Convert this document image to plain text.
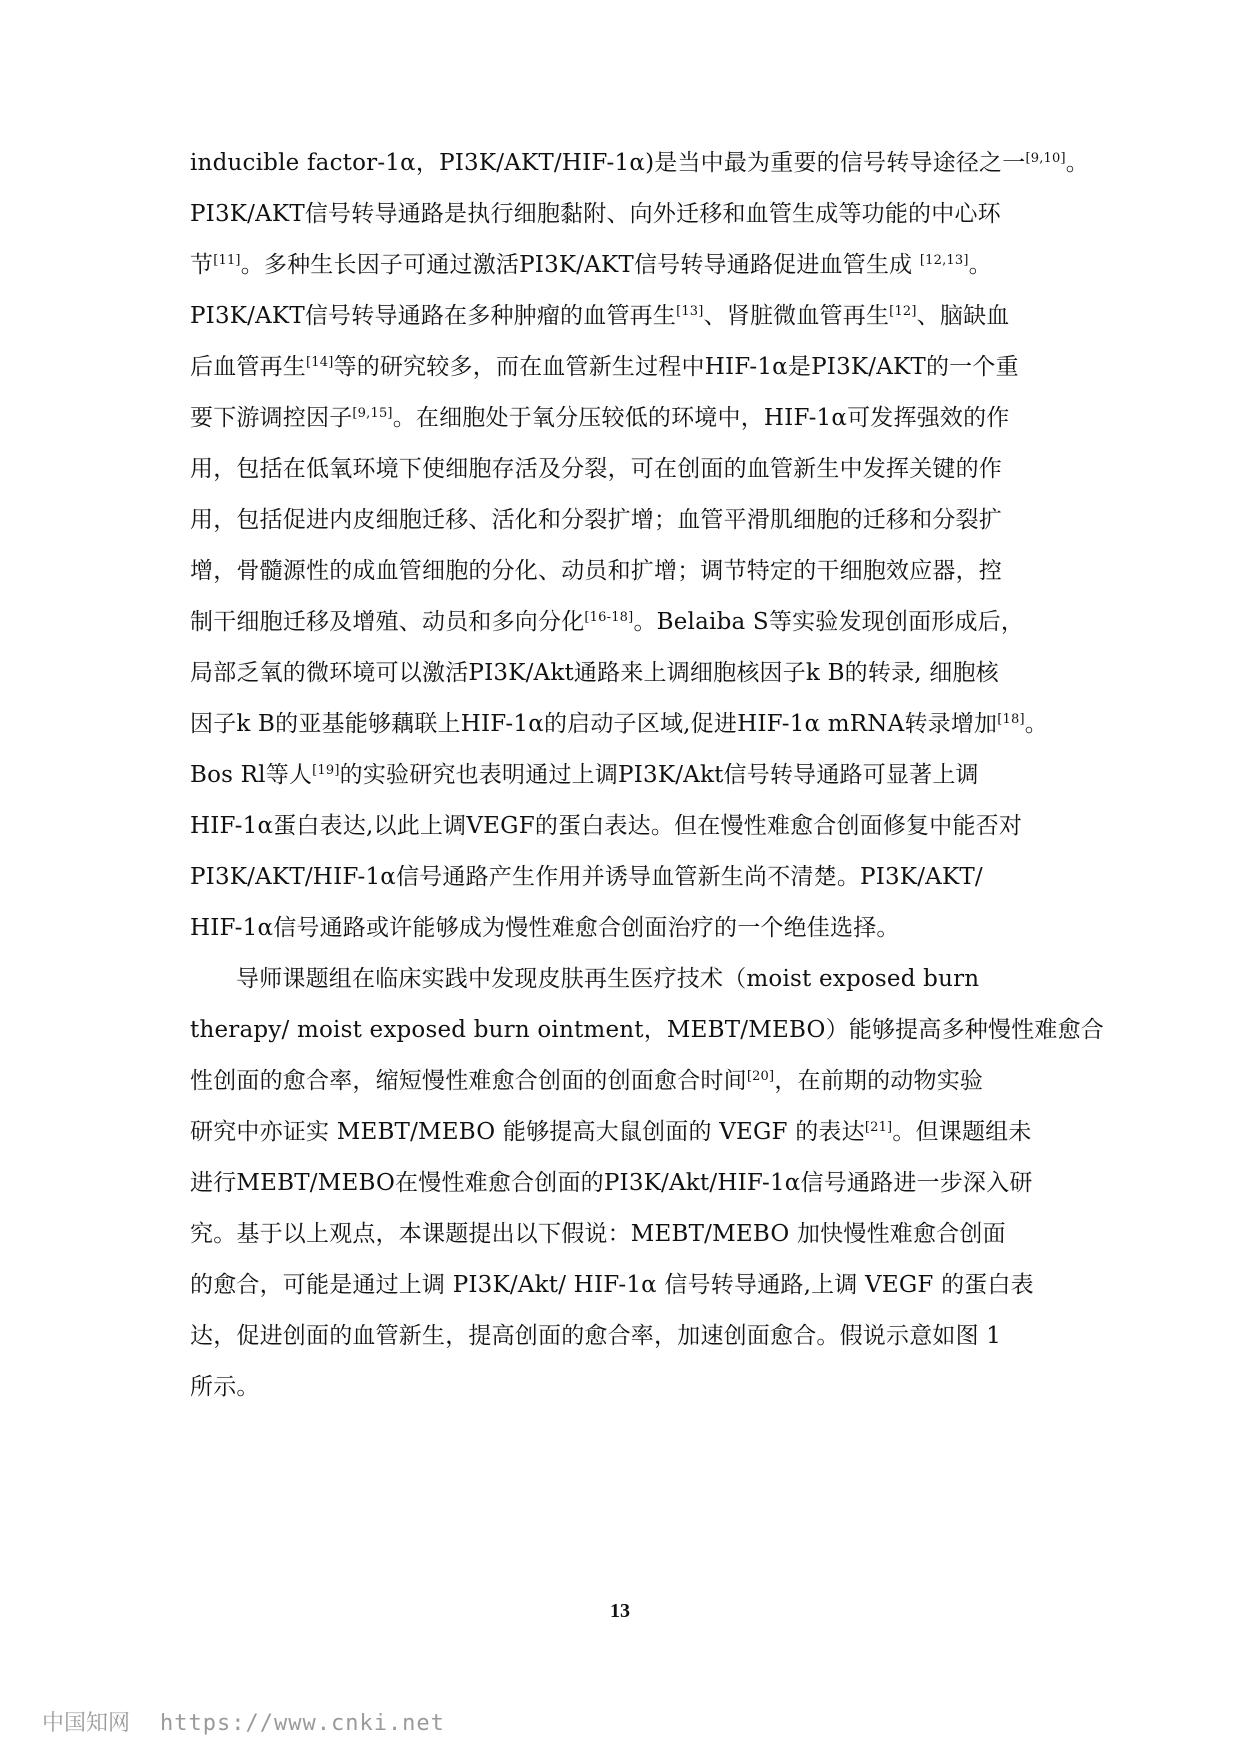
inducible factor-1α，PI3K/AKT/HIF-1α)是当中最为重要的信号转导途径之一[9,10]。
PI3K/AKT信号转导通路是执行细胞黏附、向外迁移和血管生成等功能的中心环
节[11]。多种生长因子可通过激活PI3K/AKT信号转导通路促进血管生成 [12,13]。
PI3K/AKT信号转导通路在多种肿瘤的血管再生[13]、肾脏微血管再生[12]、脑缺血
后血管再生[14]等的研究较多，而在血管新生过程中HIF-1α是PI3K/AKT的一个重
要下游调控因子[9,15]。在细胞处于氧分压较低的环境中，HIF-1α可发挥强效的作
用，包括在低氧环境下使细胞存活及分裂，可在创面的血管新生中发挥关键的作
用，包括促进内皮细胞迁移、活化和分裂扩增；血管平滑肌细胞的迁移和分裂扩
增，骨髓源性的成血管细胞的分化、动员和扩增；调节特定的干细胞效应器，控
制干细胞迁移及增殖、动员和多向分化[16-18]。Belaiba S等实验发现创面形成后，
局部乏氧的微环境可以激活PI3K/Akt通路来上调细胞核因子k B的转录, 细胞核
因子k B的亚基能够藕联上HIF-1α的启动子区域,促进HIF-1α mRNA转录增加[18]。
Bos Rl等人[19]的实验研究也表明通过上调PI3K/Akt信号转导通路可显著上调
HIF-1α蛋白表达,以此上调VEGF的蛋白表达。但在慢性难愈合创面修复中能否对
PI3K/AKT/HIF-1α信号通路产生作用并诱导血管新生尚不清楚。PI3K/AKT/
HIF-1α信号通路或许能够成为慢性难愈合创面治疗的一个绝佳选择。
导师课题组在临床实践中发现皮肤再生医疗技术（moist exposed burn
therapy/ moist exposed burn ointment，MEBT/MEBO）能够提高多种慢性难愈合
性创面的愈合率，缩短慢性难愈合创面的创面愈合时间[20]，在前期的动物实验
研究中亦证实 MEBT/MEBO 能够提高大鼠创面的 VEGF 的表达[21]。但课题组未
进行MEBT/MEBO在慢性难愈合创面的PI3K/Akt/HIF-1α信号通路进一步深入研
究。基于以上观点，本课题提出以下假说：MEBT/MEBO 加快慢性难愈合创面
的愈合，可能是通过上调 PI3K/Akt/ HIF-1α 信号转导通路,上调 VEGF 的蛋白表
达，促进创面的血管新生，提高创面的愈合率，加速创面愈合。假说示意如图 1
所示。
13
中国知网 https://www.cnki.net
